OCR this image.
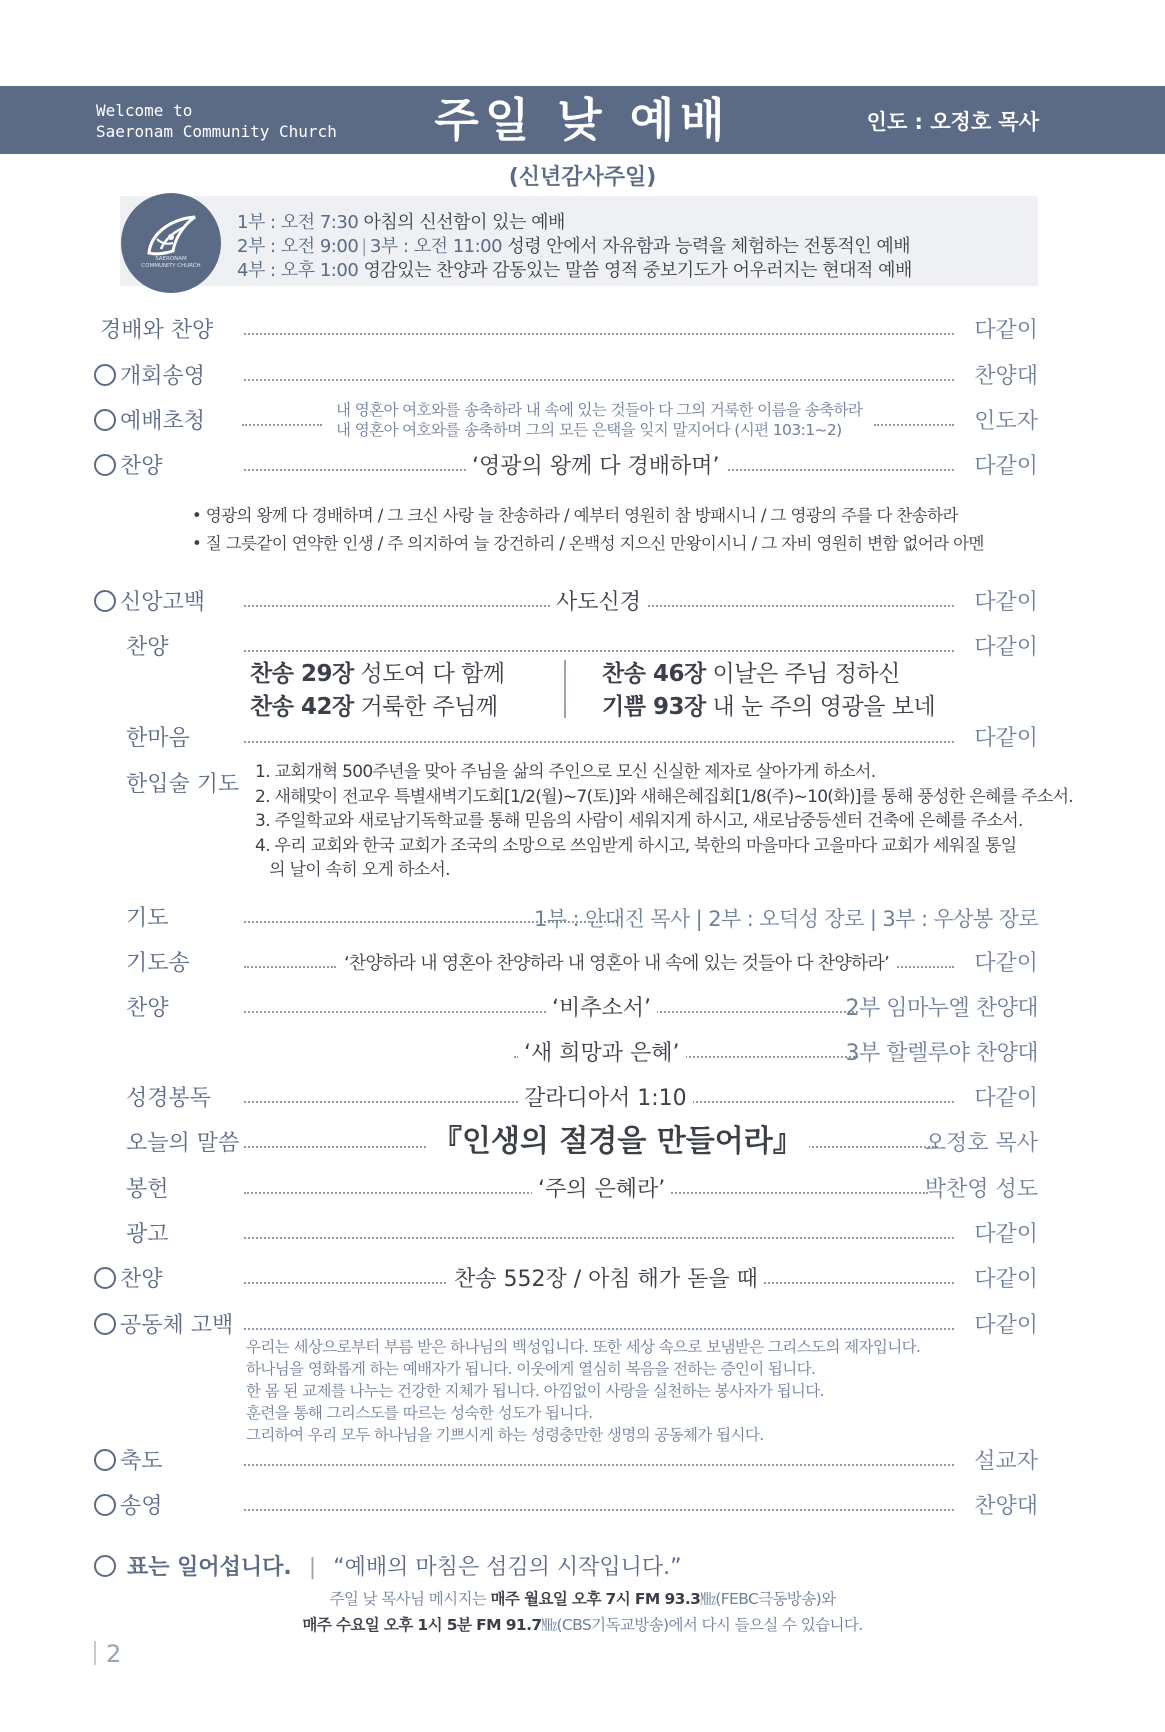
Welcome to
Saeronam Community Church	주일 낮 예배	인도 : 오정호 목사
(신년감사주일)
SAERONAM
COMMUNITY CHURCH
1부 : 오전 7:30 아침의 신선함이 있는 예배
2부 : 오전 9:00 | 3부 : 오전 11:00 성령 안에서 자유함과 능력을 체험하는 전통적인 예배
4부 : 오후 1:00 영감있는 찬양과 감동있는 말씀 영적 중보기도가 어우러지는 현대적 예배
경배와 찬양	다같이
개회송영	찬양대
예배초청	인도자
내 영혼아 여호와를 송축하라 내 속에 있는 것들아 다 그의 거룩한 이름을 송축하라
내 영혼아 여호와를 송축하며 그의 모든 은택을 잊지 말지어다 (시편 103:1~2)
찬양	‘영광의 왕께 다 경배하며’	다같이
• 영광의 왕께 다 경배하며 / 그 크신 사랑 늘 찬송하라 / 예부터 영원히 참 방패시니 / 그 영광의 주를 다 찬송하라
• 질 그릇같이 연약한 인생 / 주 의지하여 늘 강건하리 / 온백성 지으신 만왕이시니 / 그 자비 영원히 변함 없어라 아멘
신앙고백	사도신경	다같이
찬양	다같이
찬송 29장 성도여 다 함께
찬송 42장 거룩한 주님께
찬송 46장 이날은 주님 정하신
기쁨 93장 내 눈 주의 영광을 보네
한마음	다같이
한입술 기도 1. 교회개혁 500주년을 맞아 주님을 삶의 주인으로 모신 신실한 제자로 살아가게 하소서.
2. 새해맞이 전교우 특별새벽기도회[1/2(월)~7(토)]와 새해은혜집회[1/8(주)~10(화)]를 통해 풍성한 은혜를 주소서.
3. 주일학교와 새로남기독학교를 통해 믿음의 사람이 세워지게 하시고, 새로남중등센터 건축에 은혜를 주소서.
4. 우리 교회와 한국 교회가 조국의 소망으로 쓰임받게 하시고, 북한의 마을마다 고을마다 교회가 세워질 통일
의 날이 속히 오게 하소서.
기도	1부 : 안대진 목사 | 2부 : 오덕성 장로 | 3부 : 우상봉 장로
기도송	‘찬양하라 내 영혼아 찬양하라 내 영혼아 내 속에 있는 것들아 다 찬양하라’	다같이
찬양	‘비추소서’	2부 임마누엘 찬양대
‘새 희망과 은혜’	3부 할렐루야 찬양대
성경봉독	갈라디아서 1:10	다같이
오늘의 말씀	『인생의 절경을 만들어라』	오정호 목사
봉헌	‘주의 은혜라’	박찬영 성도
광고	다같이
찬양	찬송 552장 / 아침 해가 돋을 때	다같이
공동체 고백	다같이
우리는 세상으로부터 부름 받은 하나님의 백성입니다. 또한 세상 속으로 보냄받은 그리스도의 제자입니다.
하나님을 영화롭게 하는 예배자가 됩니다. 이웃에게 열심히 복음을 전하는 증인이 됩니다.
한 몸 된 교제를 나누는 건강한 지체가 됩니다. 아낌없이 사랑을 실천하는 봉사자가 됩니다.
훈련을 통해 그리스도를 따르는 성숙한 성도가 됩니다.
그리하여 우리 모두 하나님을 기쁘시게 하는 성령충만한 생명의 공동체가 됩시다.
축도	설교자
송영	찬양대
표는 일어섭니다. | “예배의 마침은 섬김의 시작입니다.”
주일 낮 목사님 메시지는 매주 월요일 오후 7시 FM 93.3㎒(FEBC극동방송)와
매주 수요일 오후 1시 5분 FM 91.7㎒(CBS기독교방송)에서 다시 들으실 수 있습니다.
2
